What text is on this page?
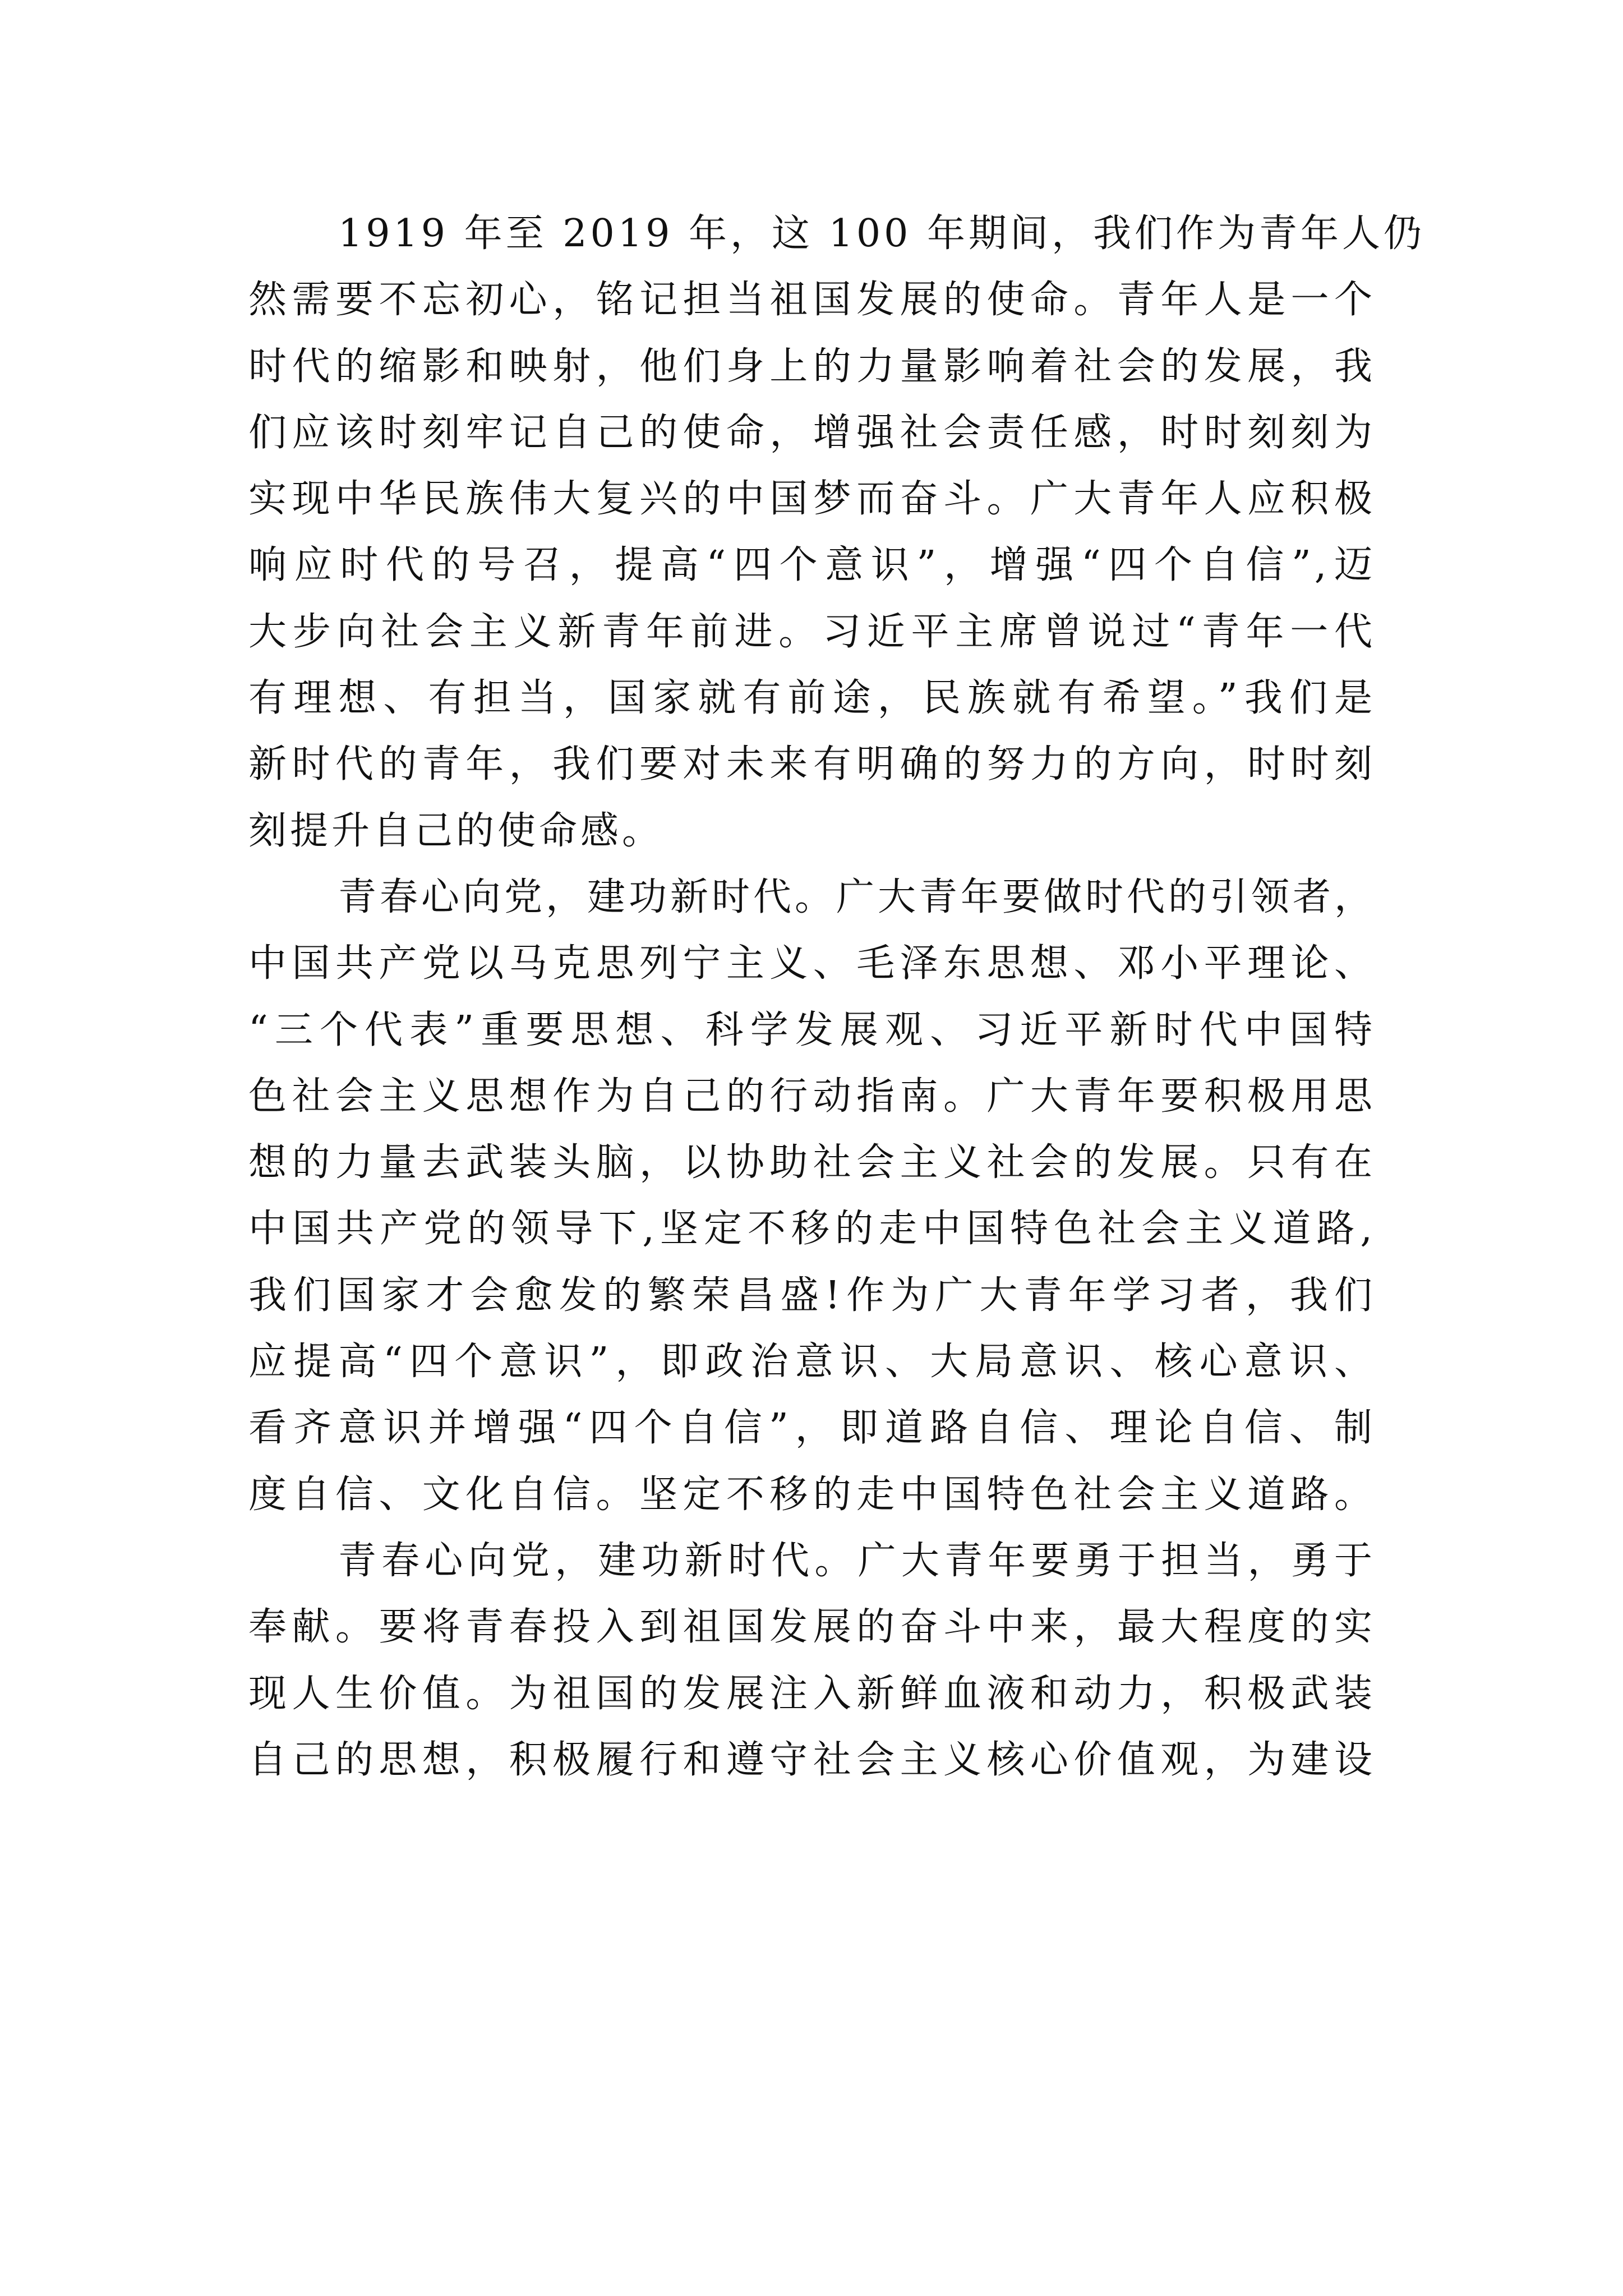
1919 年至 2019 年，这 100 年期间，我们作为青年人仍
然需要不忘初心，铭记担当祖国发展的使命。青年人是一个
时代的缩影和映射，他们身上的力量影响着社会的发展，我
们应该时刻牢记自己的使命，增强社会责任感，时时刻刻为
实现中华民族伟大复兴的中国梦而奋斗。广大青年人应积极
响应时代的号召，提高“四个意识”，增强“四个自信”,迈
大步向社会主义新青年前进。习近平主席曾说过“青年一代
有理想、有担当，国家就有前途，民族就有希望。”我们是
新时代的青年，我们要对未来有明确的努力的方向，时时刻
刻提升自己的使命感。
青春心向党，建功新时代。广大青年要做时代的引领者，
中国共产党以马克思列宁主义、毛泽东思想、邓小平理论、
“三个代表”重要思想、科学发展观、习近平新时代中国特
色社会主义思想作为自己的行动指南。广大青年要积极用思
想的力量去武装头脑，以协助社会主义社会的发展。只有在
中国共产党的领导下,坚定不移的走中国特色社会主义道路,
我们国家才会愈发的繁荣昌盛!作为广大青年学习者，我们
应提高“四个意识”，即政治意识、大局意识、核心意识、
看齐意识并增强“四个自信”，即道路自信、理论自信、制
度自信、文化自信。坚定不移的走中国特色社会主义道路。
青春心向党，建功新时代。广大青年要勇于担当，勇于
奉献。要将青春投入到祖国发展的奋斗中来，最大程度的实
现人生价值。为祖国的发展注入新鲜血液和动力，积极武装
自己的思想，积极履行和遵守社会主义核心价值观，为建设
